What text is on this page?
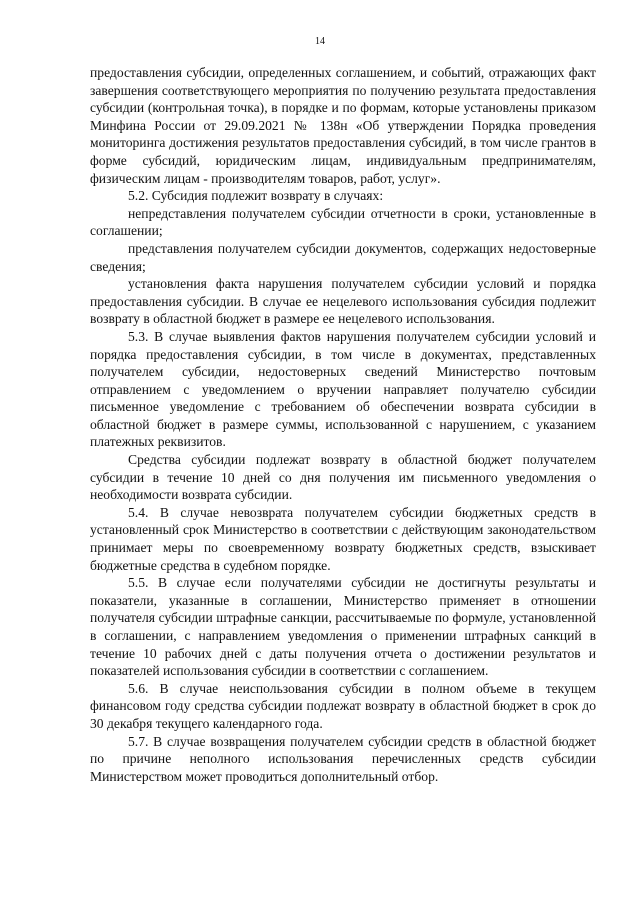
14

предоставления субсидии, определенных соглашением, и событий, отражающих факт завершения соответствующего мероприятия по получению результата предоставления субсидии (контрольная точка), в порядке и по формам, которые установлены приказом Минфина России от 29.09.2021 № 138н «Об утверждении Порядка проведения мониторинга достижения результатов предоставления субсидий, в том числе грантов в форме субсидий, юридическим лицам, индивидуальным предпринимателям, физическим лицам - производителям товаров, работ, услуг».

5.2. Субсидия подлежит возврату в случаях:

непредставления получателем субсидии отчетности в сроки, установленные в соглашении;

представления получателем субсидии документов, содержащих недостоверные сведения;

установления факта нарушения получателем субсидии условий и порядка предоставления субсидии. В случае ее нецелевого использования субсидия подлежит возврату в областной бюджет в размере ее нецелевого использования.

5.3. В случае выявления фактов нарушения получателем субсидии условий и порядка предоставления субсидии, в том числе в документах, представленных получателем субсидии, недостоверных сведений Министерство почтовым отправлением с уведомлением о вручении направляет получателю субсидии письменное уведомление с требованием об обеспечении возврата субсидии в областной бюджет в размере суммы, использованной с нарушением, с указанием платежных реквизитов.

Средства субсидии подлежат возврату в областной бюджет получателем субсидии в течение 10 дней со дня получения им письменного уведомления о необходимости возврата субсидии.

5.4. В случае невозврата получателем субсидии бюджетных средств в установленный срок Министерство в соответствии с действующим законодательством принимает меры по своевременному возврату бюджетных средств, взыскивает бюджетные средства в судебном порядке.

5.5. В случае если получателями субсидии не достигнуты результаты и показатели, указанные в соглашении, Министерство применяет в отношении получателя субсидии штрафные санкции, рассчитываемые по формуле, установленной в соглашении, с направлением уведомления о применении штрафных санкций в течение 10 рабочих дней с даты получения отчета о достижении результатов и показателей использования субсидии в соответствии с соглашением.

5.6. В случае неиспользования субсидии в полном объеме в текущем финансовом году средства субсидии подлежат возврату в областной бюджет в срок до 30 декабря текущего календарного года.

5.7. В случае возвращения получателем субсидии средств в областной бюджет по причине неполного использования перечисленных средств субсидии Министерством может проводиться дополнительный отбор.
